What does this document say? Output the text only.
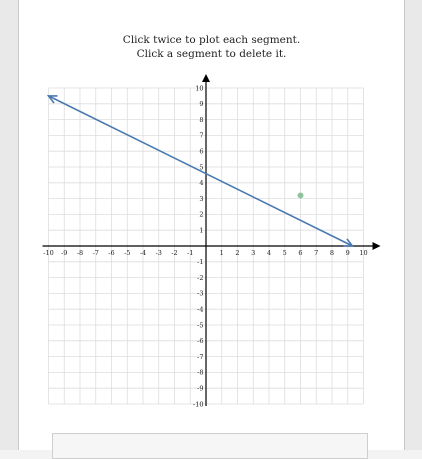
Click twice to plot each segment.
Click a segment to delete it.
-10 -9 -8 -7 -6 -5 -4 -3 -2 -1	1 2 3 4 5 6 7 8 9 10
10
9
8
7
6
5
4
3
2
1
-1
-2
-3
-4
-5
-6
-7
-8
-9
-10
